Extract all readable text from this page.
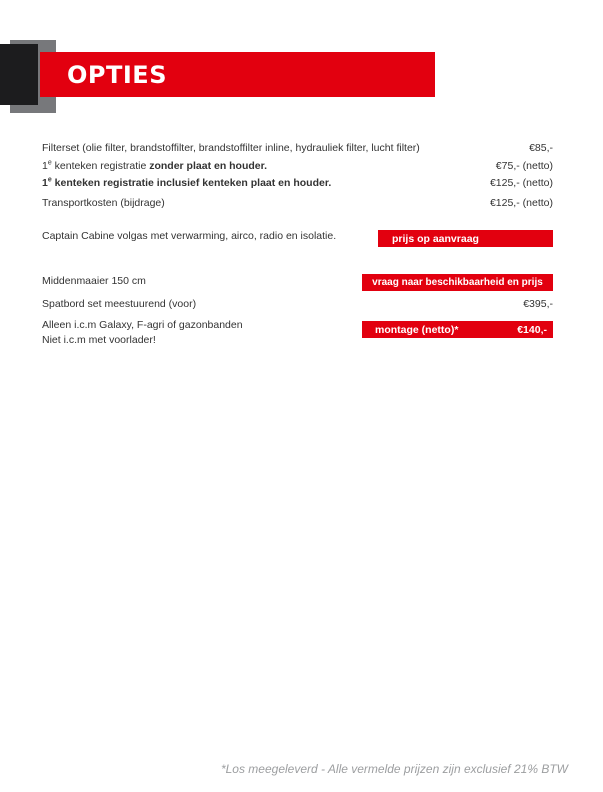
OPTIES
Filterset (olie filter, brandstoffilter, brandstoffilter inline, hydrauliek filter, lucht filter)	€85,-
1e kenteken registratie zonder plaat en houder.	€75,- (netto)
1e kenteken registratie inclusief kenteken plaat en houder.	€125,- (netto)
Transportkosten (bijdrage)	€125,- (netto)
Captain Cabine volgas met verwarming, airco, radio en isolatie.	prijs op aanvraag
Middenmaaier 150 cm	vraag naar beschikbaarheid en prijs
Spatbord set meestuurend (voor)	€395,-
Alleen i.c.m Galaxy, F-agri of gazonbanden
Niet i.c.m met voorlader!
montage (netto)*	€140,-
*Los meegeleverd - Alle vermelde prijzen zijn exclusief 21% BTW
